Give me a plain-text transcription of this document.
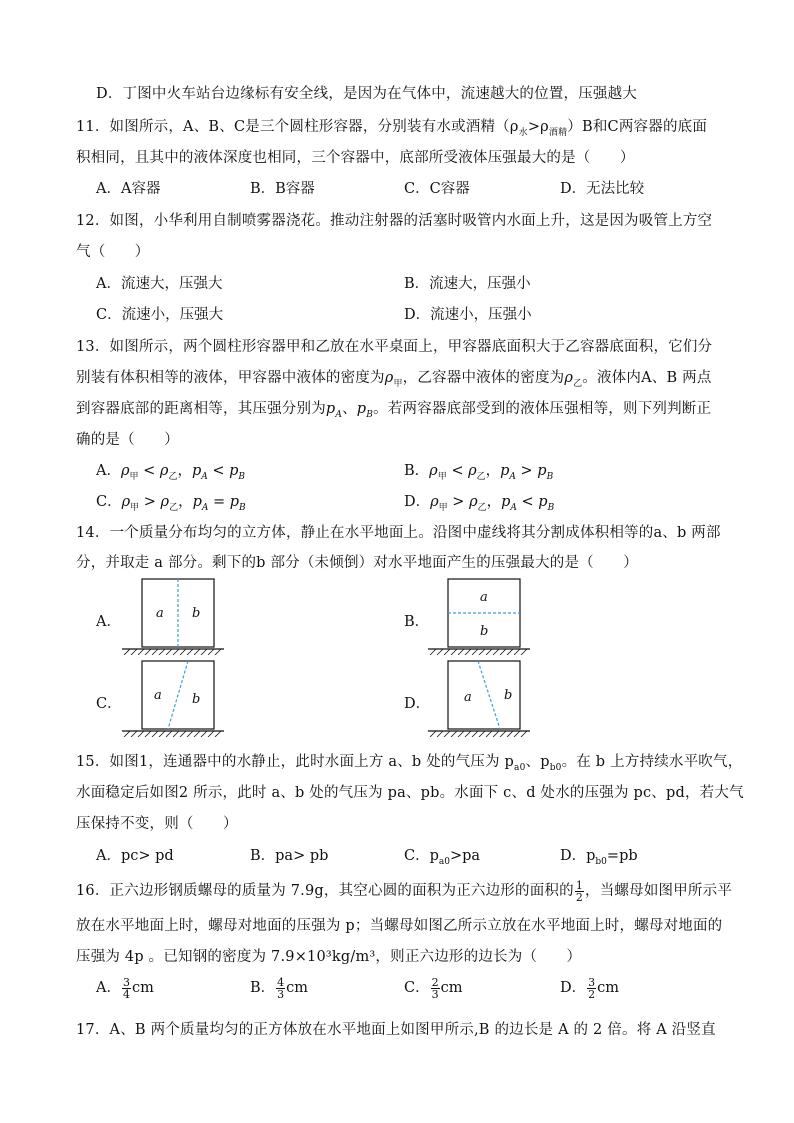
D．丁图中火车站台边缘标有安全线，是因为在气体中，流速越大的位置，压强越大
11．如图所示，A、B、C是三个圆柱形容器，分别装有水或酒精$(\rho_水>\rho_{酒精})B$和C两容器的底面
积相同，且其中的液体深度也相同，三个容器中，底部所受液体压强最大的是（　　）
A．A容器	B．B容器	C．C容器	D．无法比较
12．如图，小华利用自制喷雾器浇花。推动注射器的活塞时吸管内水面上升，这是因为吸管上方空
气（　　）
A．流速大，压强大	B．流速大，压强小
C．流速小，压强大	D．流速小，压强小
13．如图所示，两个圆柱形容器甲和乙放在水平桌面上，甲容器底面积大于乙容器底面积，它们分
别装有体积相等的液体，甲容器中液体的密度为$\rho_甲$，乙容器中液体的密度为$\rho_乙$。液体内A、B 两点
到容器底部的距离相等，其压强分别为$p_A$、$p_B$。若两容器底部受到的液体压强相等，则下列判断正
确的是（　　）
A．$\rho_甲 < \rho_乙$，$p_A < p_B$	B．$\rho_甲 < \rho_乙$，$p_A > p_B$
C．$\rho_甲 > \rho_乙$，$p_A = p_B$	D．$\rho_甲 > \rho_乙$，$p_A < p_B$
14．一个质量分布均匀的立方体，静止在水平地面上。沿图中虚线将其分割成体积相等的a、b 两部
分，并取走 a 部分。剩下的b 部分（未倾倒）对水平地面产生的压强最大的是（　　）
A．
a b
B．
a
b
C．
a b	D．	a b
15．如图1，连通器中的水静止，此时水面上方 a、b 处的气压为 $p_{a0}$、$p_{b0}$。在 b 上方持续水平吹气，
水面稳定后如图2 所示，此时 a、b 处的气压为 pa、pb。水面下 c、d 处水的压强为 pc、pd，若大气
压保持不变，则（　　）
A．pc> pd	B．pa> pb	C．$p_{a0}>pa$	D．$p_{b0}=pb$
16．正六边形钢质螺母的质量为 7.9g，其空心圆的面积为正六边形的面积的 $\frac{1}{2}$ ，当螺母如图甲所示平
放在水平地面上时，螺母对地面的压强为 p；当螺母如图乙所示立放在水平地面上时，螺母对地面的
压强为 4p 。已知钢的密度为 7.9×10³kg/m³，则正六边形的边长为（　　）
A． $\frac{3}{4}$ cm	B． $\frac{4}{3}$ cm	C． $\frac{2}{3}$ cm	D． $\frac{3}{2}$ cm
17．A、B 两个质量均匀的正方体放在水平地面上如图甲所示,B 的边长是 A 的 2 倍。将 A 沿竖直
